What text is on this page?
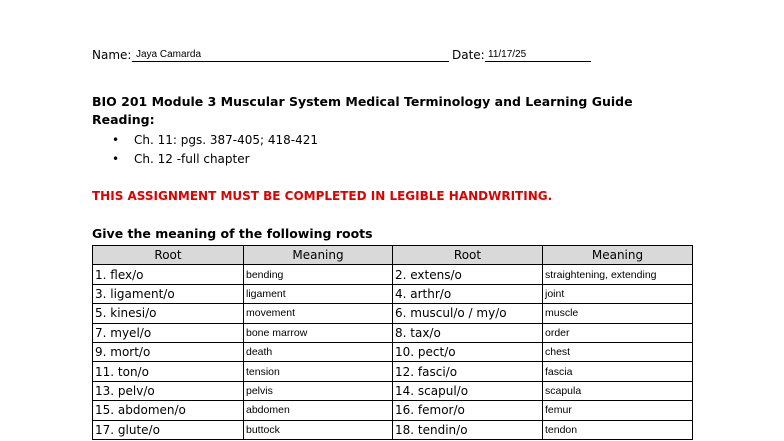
Name: Jaya Camarda	Date: 11/17/25
BIO 201 Module 3 Muscular System Medical Terminology and Learning Guide
Reading:
• Ch. 11: pgs. 387-405; 418-421
• Ch. 12 -full chapter
THIS ASSIGNMENT MUST BE COMPLETED IN LEGIBLE HANDWRITING.
Give the meaning of the following roots
Root	Meaning	Root	Meaning
1. flex/o	bending	2. extens/o	straightening, extending
3. ligament/o	ligament	4. arthr/o	joint
5. kinesi/o	movement	6. muscul/o / my/o	muscle
7. myel/o	bone marrow	8. tax/o	order
9. mort/o	death	10. pect/o	chest
11. ton/o	tension	12. fasci/o	fascia
13. pelv/o	pelvis	14. scapul/o	scapula
15. abdomen/o	abdomen	16. femor/o	femur
17. glute/o	buttock	18. tendin/o	tendon
